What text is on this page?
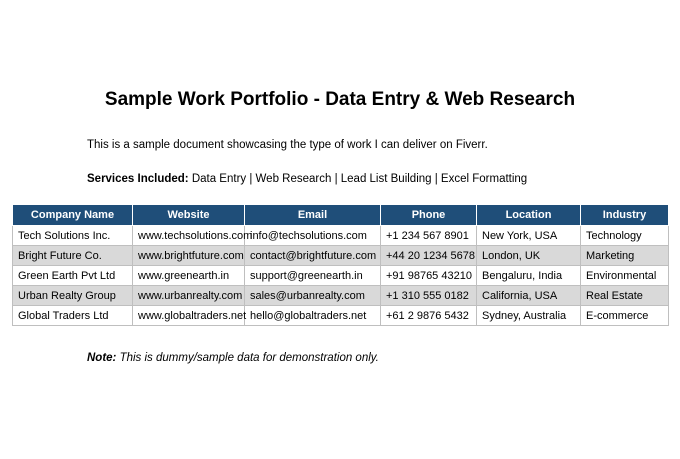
Sample Work Portfolio - Data Entry & Web Research

This is a sample document showcasing the type of work I can deliver on Fiverr.

Services Included: Data Entry | Web Research | Lead List Building | Excel Formatting

Company Name	Website	Email	Phone	Location	Industry
Tech Solutions Inc.	www.techsolutions.com	info@techsolutions.com	+1 234 567 8901	New York, USA	Technology
Bright Future Co.	www.brightfuture.com	contact@brightfuture.com	+44 20 1234 5678	London, UK	Marketing
Green Earth Pvt Ltd	www.greenearth.in	support@greenearth.in	+91 98765 43210	Bengaluru, India	Environmental
Urban Realty Group	www.urbanrealty.com	sales@urbanrealty.com	+1 310 555 0182	California, USA	Real Estate
Global Traders Ltd	www.globaltraders.net	hello@globaltraders.net	+61 2 9876 5432	Sydney, Australia	E-commerce

Note: This is dummy/sample data for demonstration only.
